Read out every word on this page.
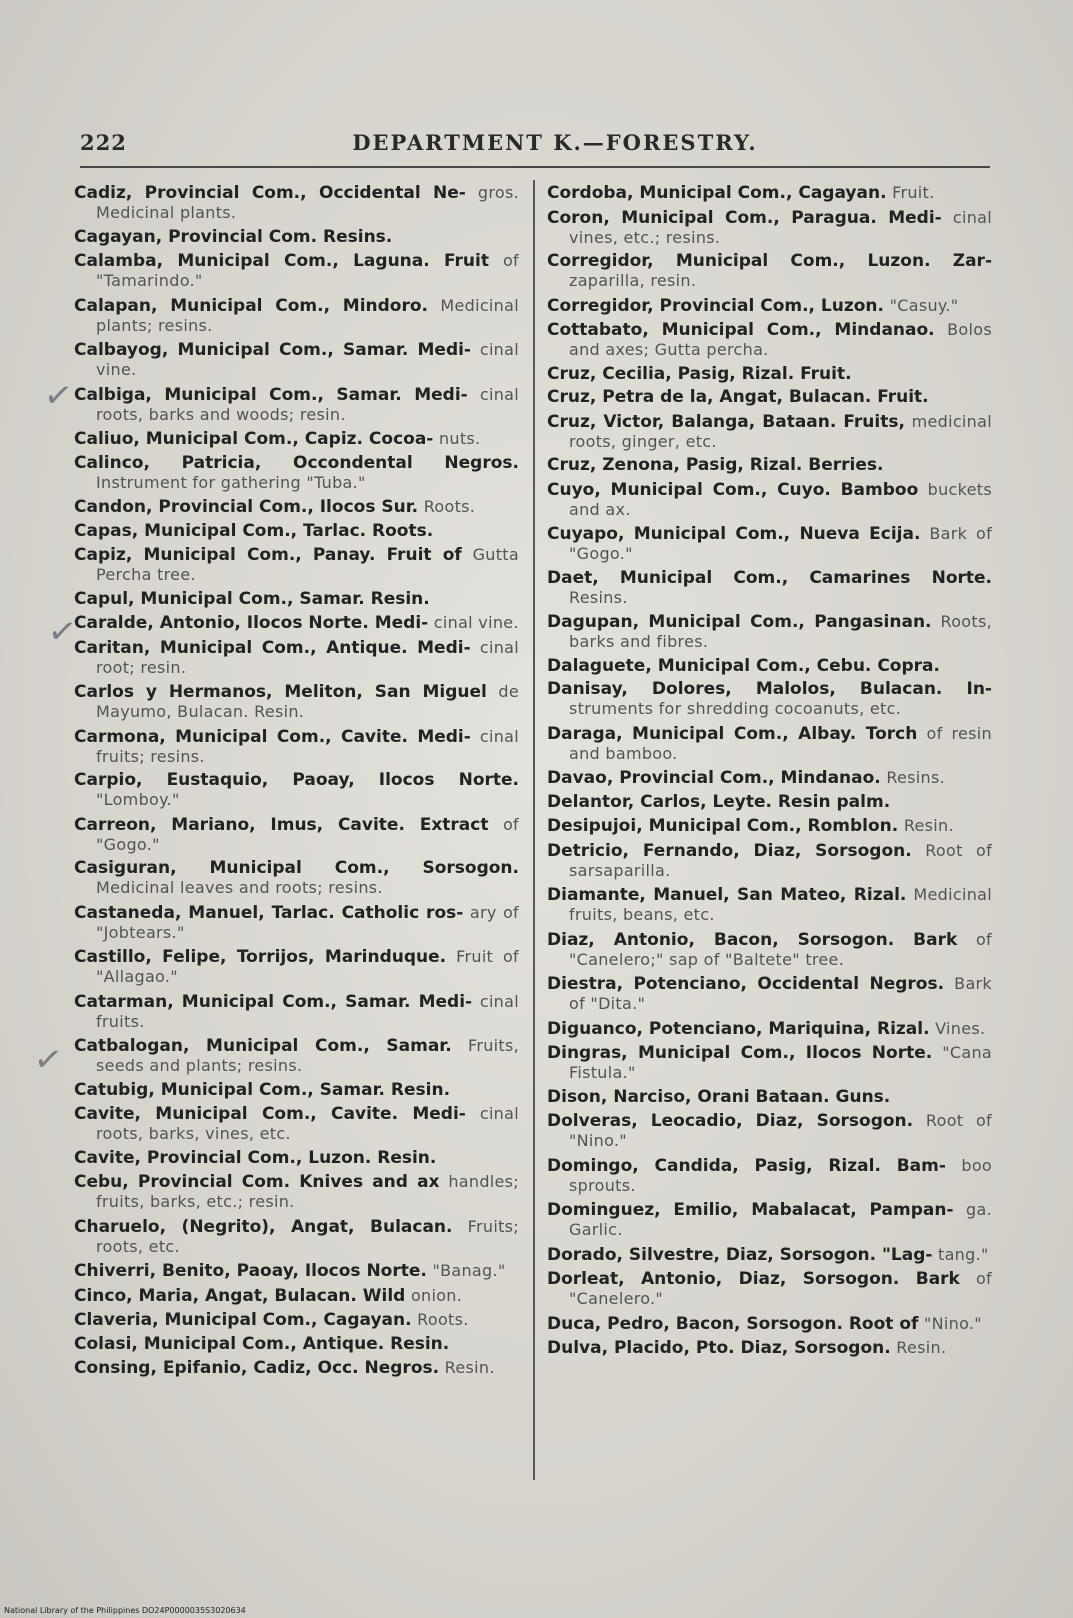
222	DEPARTMENT K.—FORESTRY.

Cadiz, Provincial Com., Occidental Ne- gros. Medicinal plants.

Cagayan, Provincial Com. Resins.

Calamba, Municipal Com., Laguna. Fruit of "Tamarindo."

Calapan, Municipal Com., Mindoro. Medicinal plants; resins.

Calbayog, Municipal Com., Samar. Medi- cinal vine.

Calbiga, Municipal Com., Samar. Medi- cinal roots, barks and woods; resin.

Caliuo, Municipal Com., Capiz. Cocoa- nuts.

Calinco, Patricia, Occondental Negros. Instrument for gathering "Tuba."

Candon, Provincial Com., Ilocos Sur. Roots.

Capas, Municipal Com., Tarlac. Roots.

Capiz, Municipal Com., Panay. Fruit of Gutta Percha tree.

Capul, Municipal Com., Samar. Resin.

Caralde, Antonio, Ilocos Norte. Medi- cinal vine.

Caritan, Municipal Com., Antique. Medi- cinal root; resin.

Carlos y Hermanos, Meliton, San Miguel de Mayumo, Bulacan. Resin.

Carmona, Municipal Com., Cavite. Medi- cinal fruits; resins.

Carpio, Eustaquio, Paoay, Ilocos Norte. "Lomboy."

Carreon, Mariano, Imus, Cavite. Extract of "Gogo."

Casiguran, Municipal Com., Sorsogon. Medicinal leaves and roots; resins.

Castaneda, Manuel, Tarlac. Catholic ros- ary of "Jobtears."

Castillo, Felipe, Torrijos, Marinduque. Fruit of "Allagao."

Catarman, Municipal Com., Samar. Medi- cinal fruits.

Catbalogan, Municipal Com., Samar. Fruits, seeds and plants; resins.

Catubig, Municipal Com., Samar. Resin.

Cavite, Municipal Com., Cavite. Medi- cinal roots, barks, vines, etc.

Cavite, Provincial Com., Luzon. Resin.

Cebu, Provincial Com. Knives and ax handles; fruits, barks, etc.; resin.

Charuelo, (Negrito), Angat, Bulacan. Fruits; roots, etc.

Chiverri, Benito, Paoay, Ilocos Norte. "Banag."

Cinco, Maria, Angat, Bulacan. Wild onion.

Claveria, Municipal Com., Cagayan. Roots.

Colasi, Municipal Com., Antique. Resin.

Consing, Epifanio, Cadiz, Occ. Negros. Resin.

Cordoba, Municipal Com., Cagayan. Fruit.

Coron, Municipal Com., Paragua. Medi- cinal vines, etc.; resins.

Corregidor, Municipal Com., Luzon. Zar- zaparilla, resin.

Corregidor, Provincial Com., Luzon. "Casuy."

Cottabato, Municipal Com., Mindanao. Bolos and axes; Gutta percha.

Cruz, Cecilia, Pasig, Rizal. Fruit.

Cruz, Petra de la, Angat, Bulacan. Fruit.

Cruz, Victor, Balanga, Bataan. Fruits, medicinal roots, ginger, etc.

Cruz, Zenona, Pasig, Rizal. Berries.

Cuyo, Municipal Com., Cuyo. Bamboo buckets and ax.

Cuyapo, Municipal Com., Nueva Ecija. Bark of "Gogo."

Daet, Municipal Com., Camarines Norte. Resins.

Dagupan, Municipal Com., Pangasinan. Roots, barks and fibres.

Dalaguete, Municipal Com., Cebu. Copra.

Danisay, Dolores, Malolos, Bulacan. In- struments for shredding cocoanuts, etc.

Daraga, Municipal Com., Albay. Torch of resin and bamboo.

Davao, Provincial Com., Mindanao. Resins.

Delantor, Carlos, Leyte. Resin palm.

Desipujoi, Municipal Com., Romblon. Resin.

Detricio, Fernando, Diaz, Sorsogon. Root of sarsaparilla.

Diamante, Manuel, San Mateo, Rizal. Medicinal fruits, beans, etc.

Diaz, Antonio, Bacon, Sorsogon. Bark of "Canelero;" sap of "Baltete" tree.

Diestra, Potenciano, Occidental Negros. Bark of "Dita."

Diguanco, Potenciano, Mariquina, Rizal. Vines.

Dingras, Municipal Com., Ilocos Norte. "Cana Fistula."

Dison, Narciso, Orani Bataan. Guns.

Dolveras, Leocadio, Diaz, Sorsogon. Root of "Nino."

Domingo, Candida, Pasig, Rizal. Bam- boo sprouts.

Dominguez, Emilio, Mabalacat, Pampan- ga. Garlic.

Dorado, Silvestre, Diaz, Sorsogon. "Lag- tang."

Dorleat, Antonio, Diaz, Sorsogon. Bark of "Canelero."

Duca, Pedro, Bacon, Sorsogon. Root of "Nino."

Dulva, Placido, Pto. Diaz, Sorsogon. Resin.

✓
✓
✓
National Library of the Philippines DO24P0000035S3020634
